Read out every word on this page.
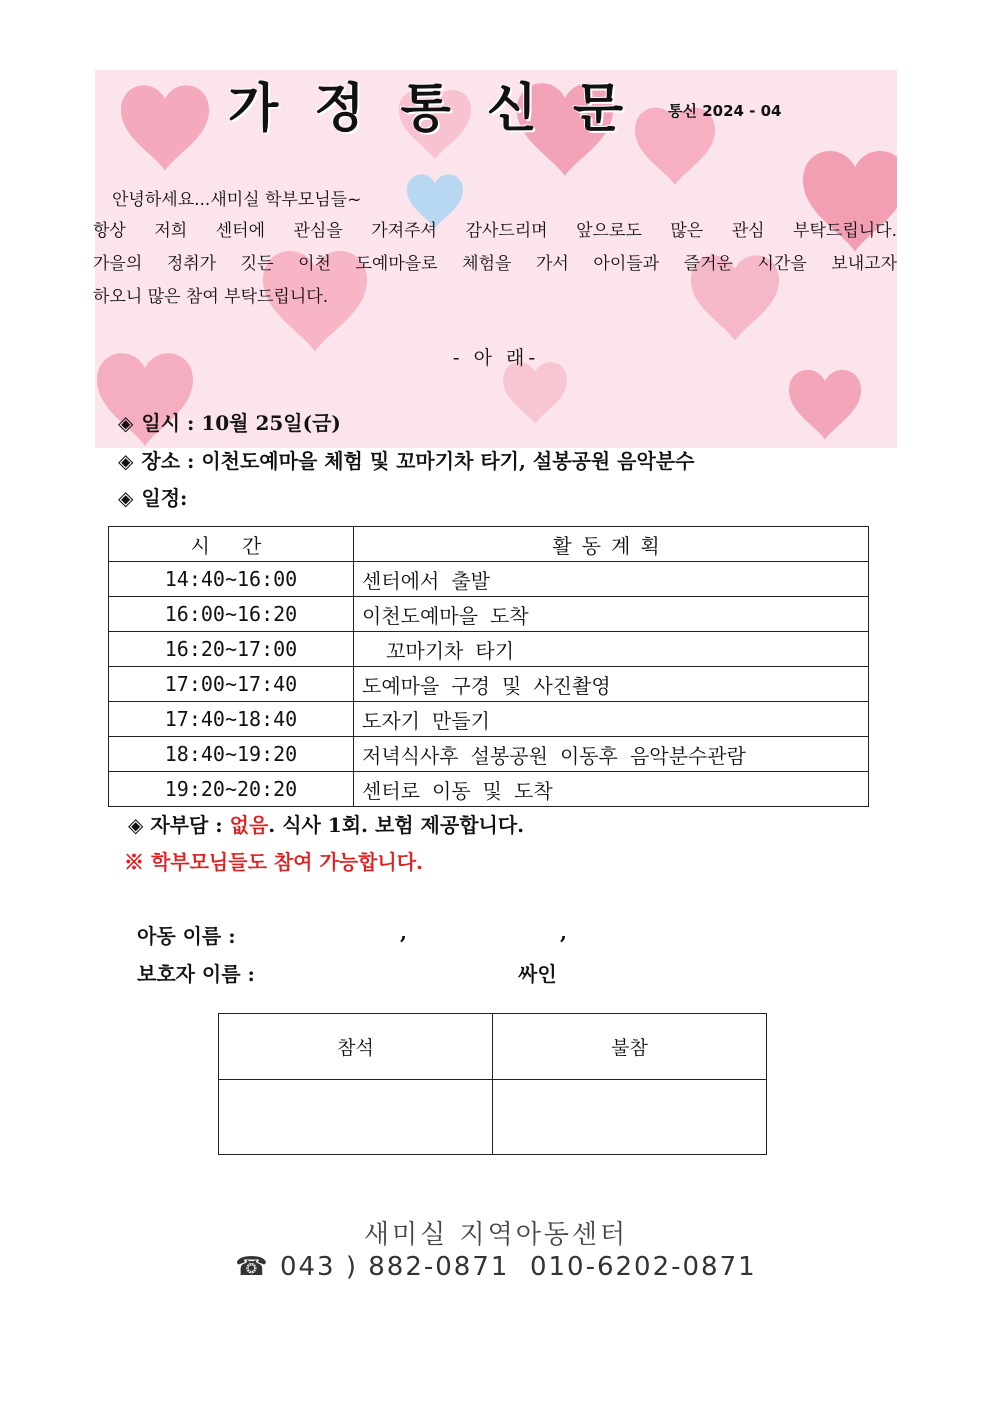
가정통신문 통신 2024 - 04
안녕하세요...새미실 학부모님들~
항상 저희 센터에 관심을 가져주셔 감사드리며 앞으로도 많은 관심 부탁드립니다.
가을의 정취가 깃든 이천 도예마을로 체험을 가서 아이들과 즐거운 시간을 보내고자
하오니 많은 참여 부탁드립니다.
- 아 래-
◈ 일시 : 10월 25일(금)
◈ 장소 : 이천도예마을 체험 및 꼬마기차 타기, 설봉공원 음악분수
◈ 일정:
시 간	활동계획
14:40~16:00	센터에서 출발
16:00~16:20	이천도예마을 도착
16:20~17:00	꼬마기차 타기
17:00~17:40	도예마을 구경 및 사진촬영
17:40~18:40	도자기 만들기
18:40~19:20	저녁식사후 설봉공원 이동후 음악분수관람
19:20~20:20	센터로 이동 및 도착
◈ 자부담 : 없음. 식사 1회. 보험 제공합니다.
※ 학부모님들도 참여 가능합니다.
아동 이름 :	,	,
보호자 이름 :	싸인
참석	불참

새미실 지역아동센터
☎ 043 ) 882-0871  010-6202-0871
